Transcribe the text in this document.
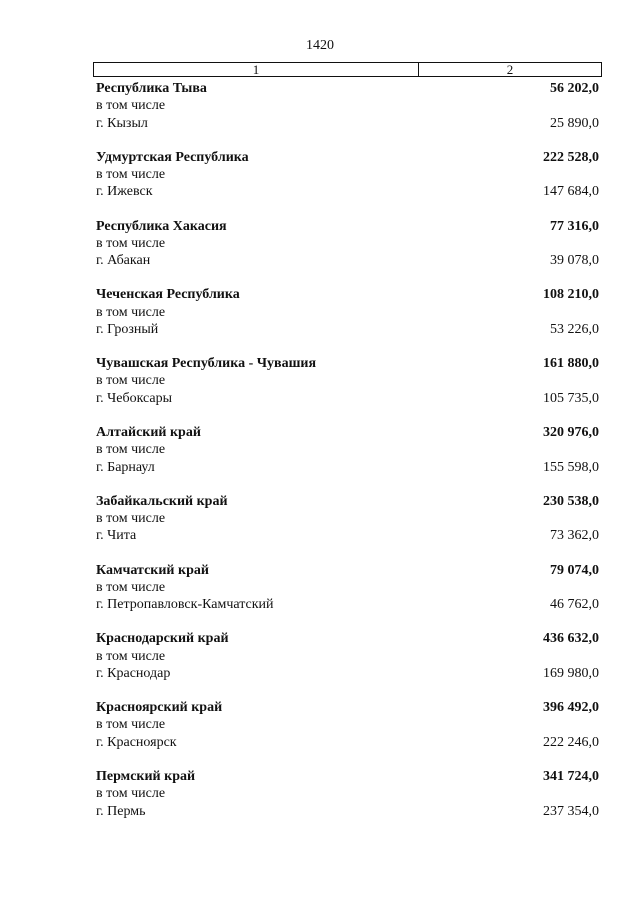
1420
1	2
Республика Тыва	56 202,0
в том числе
г. Кызыл	25 890,0
Удмуртская Республика	222 528,0
в том числе
г. Ижевск	147 684,0
Республика Хакасия	77 316,0
в том числе
г. Абакан	39 078,0
Чеченская Республика	108 210,0
в том числе
г. Грозный	53 226,0
Чувашская Республика - Чувашия	161 880,0
в том числе
г. Чебоксары	105 735,0
Алтайский край	320 976,0
в том числе
г. Барнаул	155 598,0
Забайкальский край	230 538,0
в том числе
г. Чита	73 362,0
Камчатский край	79 074,0
в том числе
г. Петропавловск-Камчатский	46 762,0
Краснодарский край	436 632,0
в том числе
г. Краснодар	169 980,0
Красноярский край	396 492,0
в том числе
г. Красноярск	222 246,0
Пермский край	341 724,0
в том числе
г. Пермь	237 354,0
